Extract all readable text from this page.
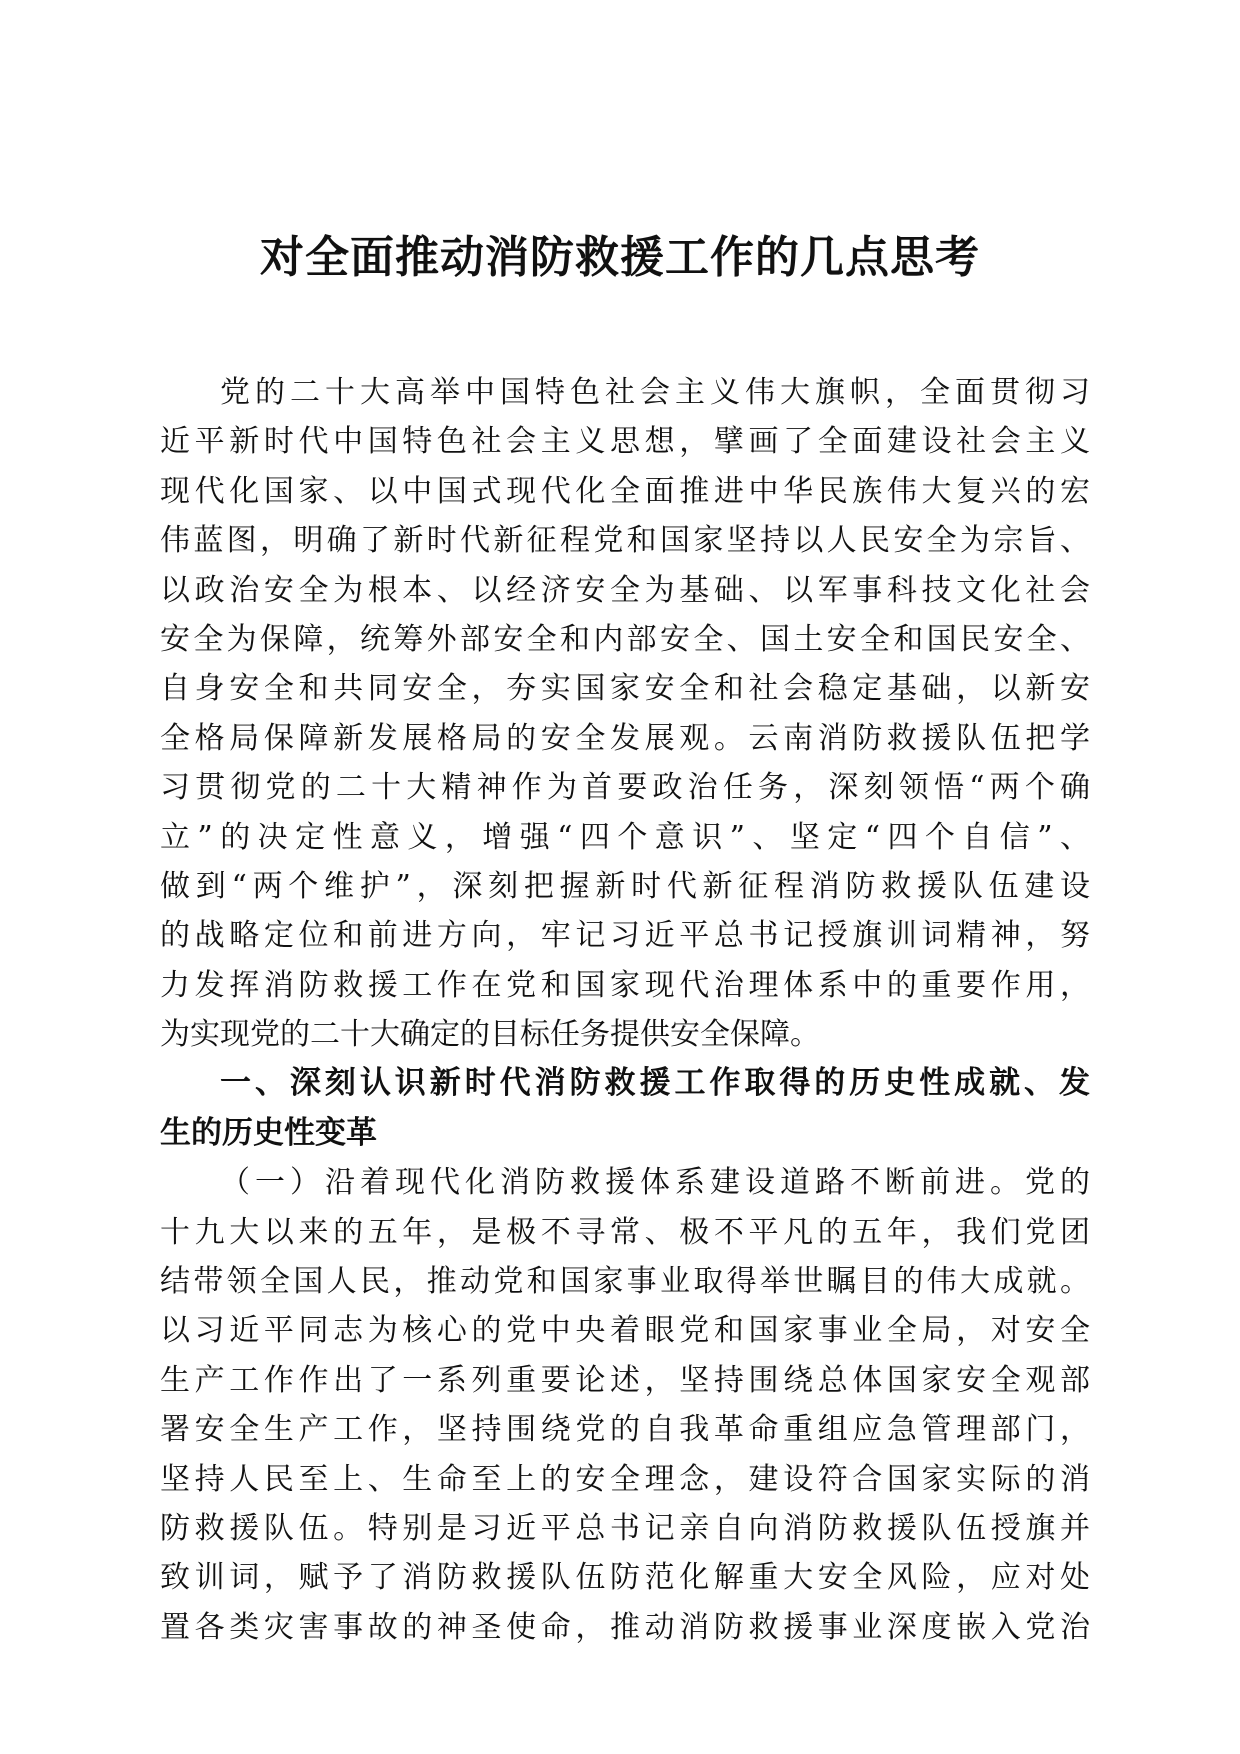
对全面推动消防救援工作的几点思考
党的二十大高举中国特色社会主义伟大旗帜，全面贯彻习
近平新时代中国特色社会主义思想，擘画了全面建设社会主义
现代化国家、以中国式现代化全面推进中华民族伟大复兴的宏
伟蓝图，明确了新时代新征程党和国家坚持以人民安全为宗旨、
以政治安全为根本、以经济安全为基础、以军事科技文化社会
安全为保障，统筹外部安全和内部安全、国土安全和国民安全、
自身安全和共同安全，夯实国家安全和社会稳定基础，以新安
全格局保障新发展格局的安全发展观。云南消防救援队伍把学
习贯彻党的二十大精神作为首要政治任务，深刻领悟“两个确
立”的决定性意义，增强“四个意识”、坚定“四个自信”、
做到“两个维护”，深刻把握新时代新征程消防救援队伍建设
的战略定位和前进方向，牢记习近平总书记授旗训词精神，努
力发挥消防救援工作在党和国家现代治理体系中的重要作用，
为实现党的二十大确定的目标任务提供安全保障。
一、深刻认识新时代消防救援工作取得的历史性成就、发
生的历史性变革
（一）沿着现代化消防救援体系建设道路不断前进。党的
十九大以来的五年，是极不寻常、极不平凡的五年，我们党团
结带领全国人民，推动党和国家事业取得举世瞩目的伟大成就。
以习近平同志为核心的党中央着眼党和国家事业全局，对安全
生产工作作出了一系列重要论述，坚持围绕总体国家安全观部
署安全生产工作，坚持围绕党的自我革命重组应急管理部门，
坚持人民至上、生命至上的安全理念，建设符合国家实际的消
防救援队伍。特别是习近平总书记亲自向消防救援队伍授旗并
致训词，赋予了消防救援队伍防范化解重大安全风险，应对处
置各类灾害事故的神圣使命，推动消防救援事业深度嵌入党治
